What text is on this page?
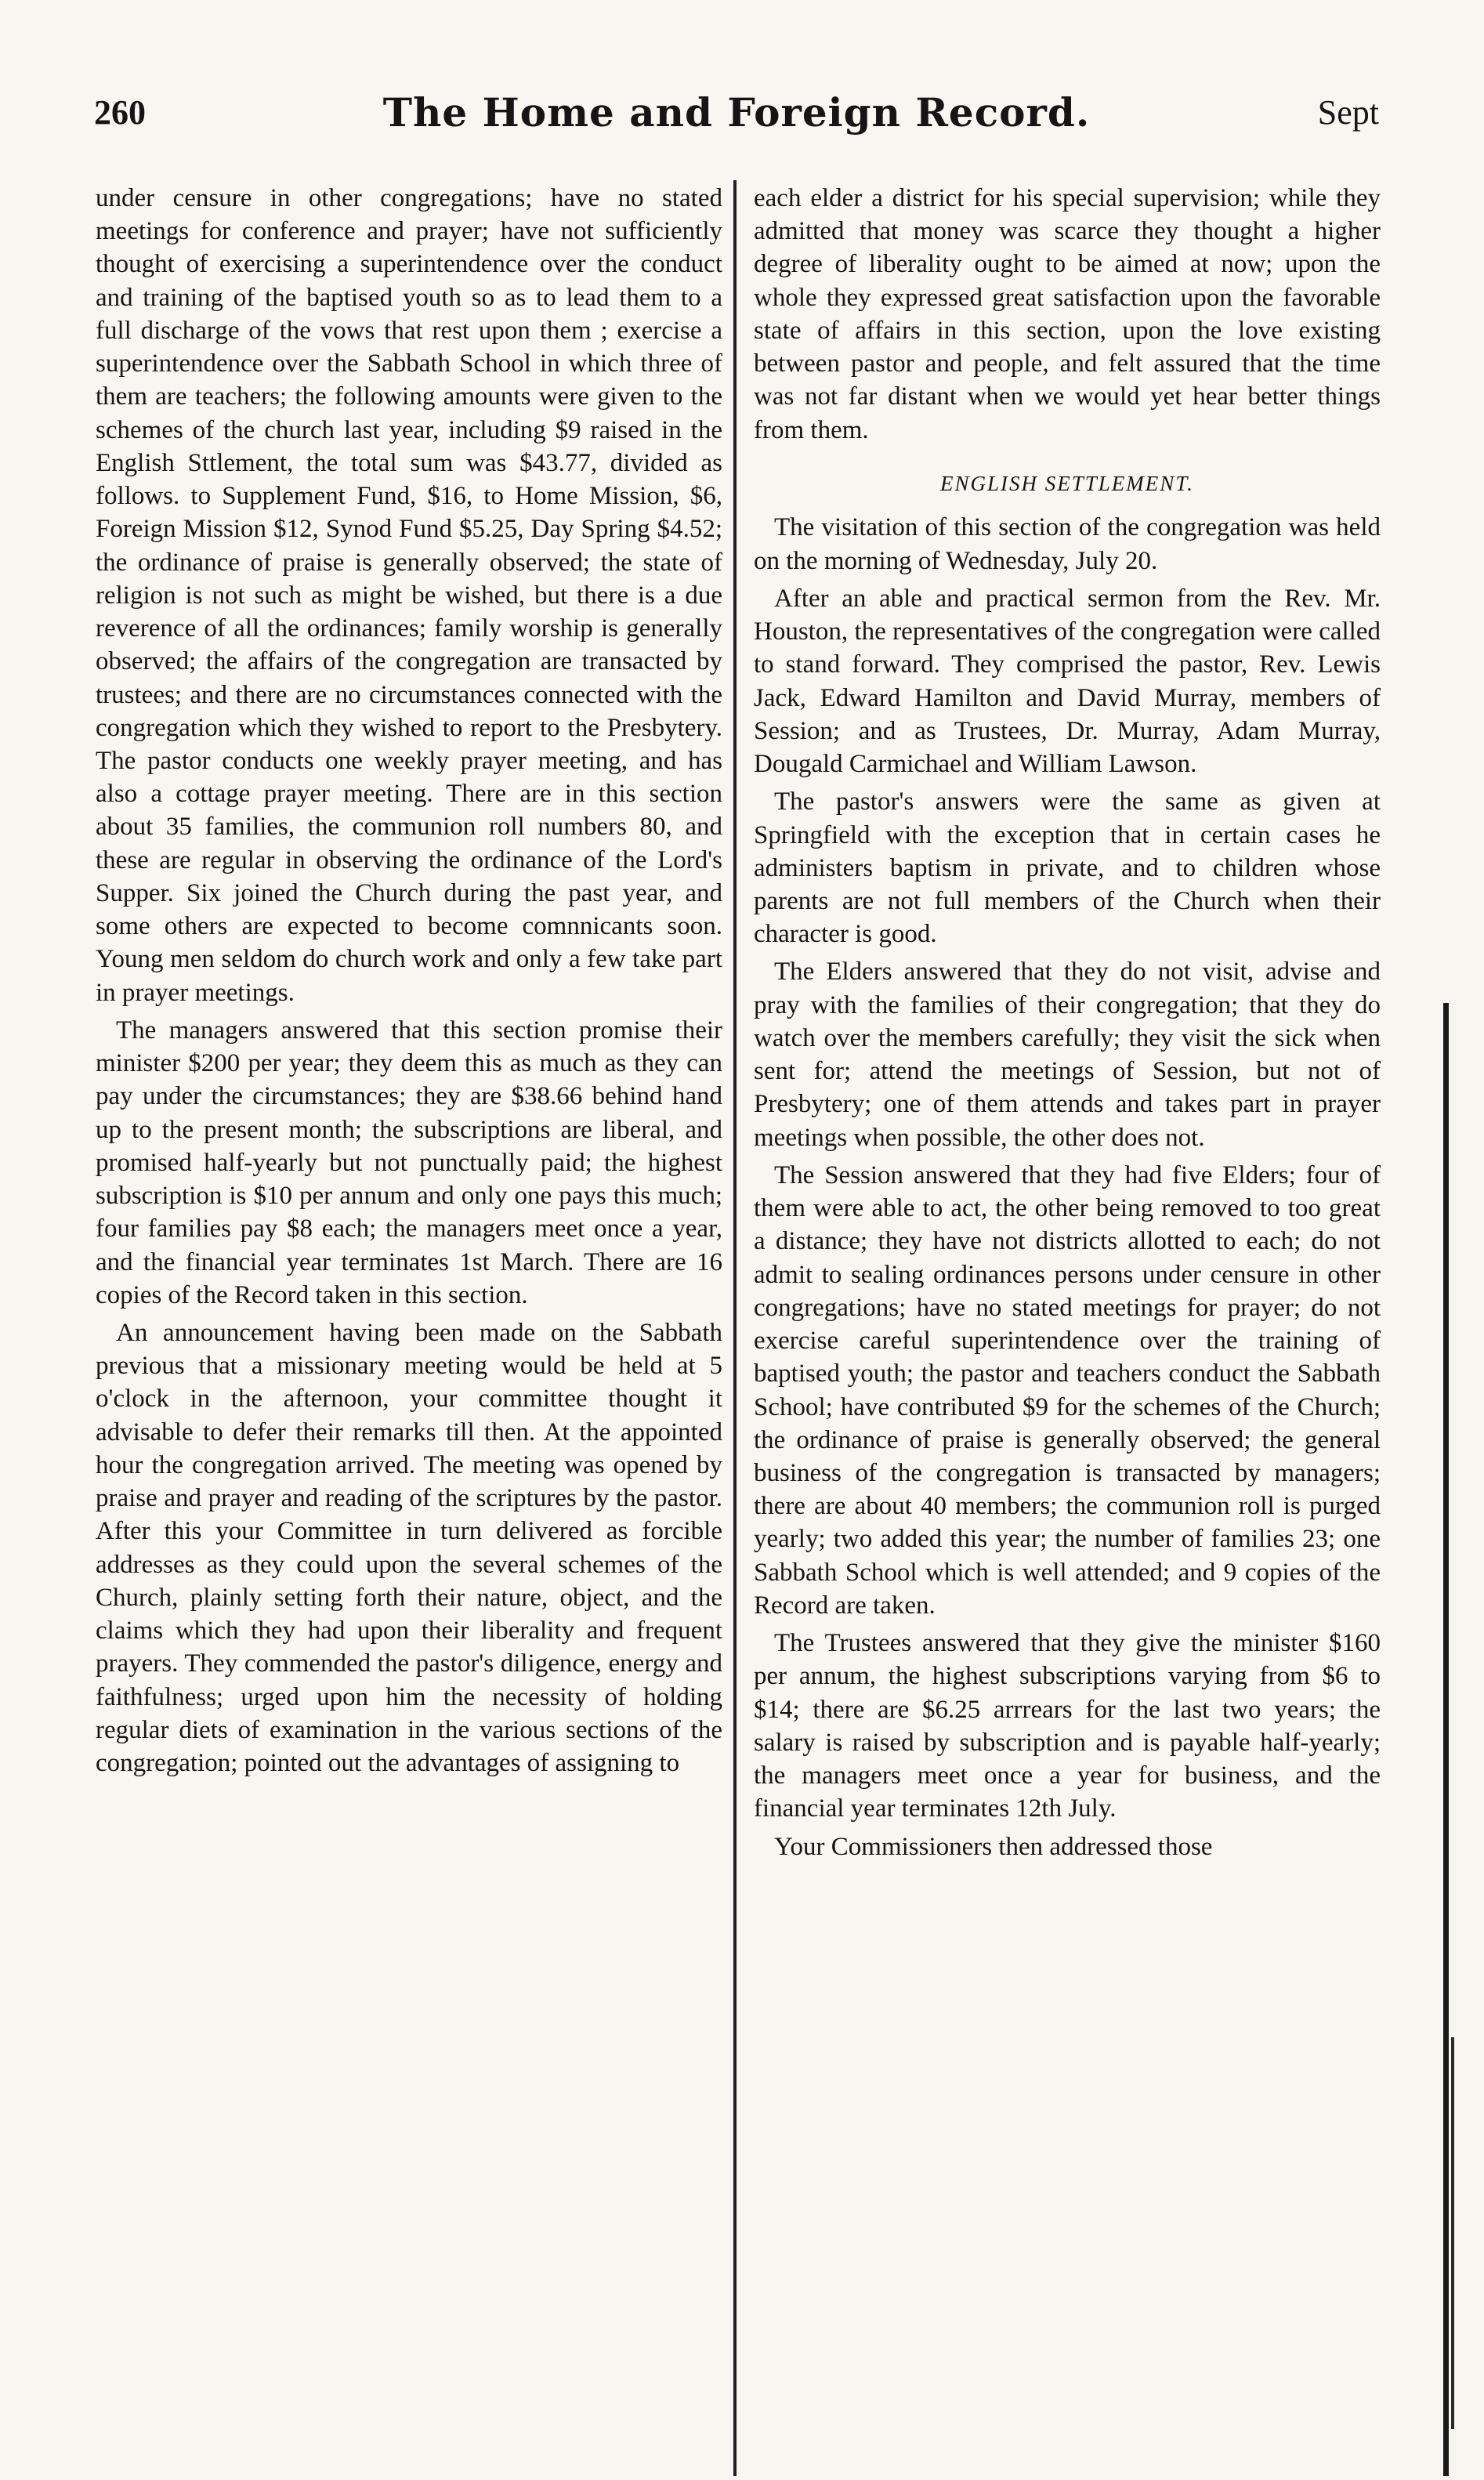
260	The Home and Foreign Record.	Sept

under censure in other congregations; have no stated meetings for conference and prayer; have not sufficiently thought of exercising a superintendence over the conduct and training of the baptised youth so as to lead them to a full discharge of the vows that rest upon them ; exercise a superintendence over the Sabbath School in which three of them are teachers; the following amounts were given to the schemes of the church last year, including $9 raised in the English Sttlement, the total sum was $43.77, divided as follows. to Supplement Fund, $16, to Home Mission, $6, Foreign Mission $12, Synod Fund $5.25, Day Spring $4.52; the ordinance of praise is generally observed; the state of religion is not such as might be wished, but there is a due reverence of all the ordinances; family worship is generally observed; the affairs of the congregation are transacted by trustees; and there are no circumstances connected with the congregation which they wished to report to the Presbytery. The pastor conducts one weekly prayer meeting, and has also a cottage prayer meeting. There are in this section about 35 families, the communion roll numbers 80, and these are regular in observing the ordinance of the Lord's Supper. Six joined the Church during the past year, and some others are expected to become comnnicants soon. Young men seldom do church work and only a few take part in prayer meetings.

The managers answered that this section promise their minister $200 per year; they deem this as much as they can pay under the circumstances; they are $38.66 behind hand up to the present month; the subscriptions are liberal, and promised half-yearly but not punctually paid; the highest subscription is $10 per annum and only one pays this much; four families pay $8 each; the managers meet once a year, and the financial year terminates 1st March. There are 16 copies of the Record taken in this section.

An announcement having been made on the Sabbath previous that a missionary meeting would be held at 5 o'clock in the afternoon, your committee thought it advisable to defer their remarks till then. At the appointed hour the congregation arrived. The meeting was opened by praise and prayer and reading of the scriptures by the pastor. After this your Committee in turn delivered as forcible addresses as they could upon the several schemes of the Church, plainly setting forth their nature, object, and the claims which they had upon their liberality and frequent prayers. They commended the pastor's diligence, energy and faithfulness; urged upon him the necessity of holding regular diets of examination in the various sections of the congregation; pointed out the advantages of assigning to

each elder a district for his special supervision; while they admitted that money was scarce they thought a higher degree of liberality ought to be aimed at now; upon the whole they expressed great satisfaction upon the favorable state of affairs in this section, upon the love existing between pastor and people, and felt assured that the time was not far distant when we would yet hear better things from them.

ENGLISH SETTLEMENT.

The visitation of this section of the congregation was held on the morning of Wednesday, July 20.

After an able and practical sermon from the Rev. Mr. Houston, the representatives of the congregation were called to stand forward. They comprised the pastor, Rev. Lewis Jack, Edward Hamilton and David Murray, members of Session; and as Trustees, Dr. Murray, Adam Murray, Dougald Carmichael and William Lawson.

The pastor's answers were the same as given at Springfield with the exception that in certain cases he administers baptism in private, and to children whose parents are not full members of the Church when their character is good.

The Elders answered that they do not visit, advise and pray with the families of their congregation; that they do watch over the members carefully; they visit the sick when sent for; attend the meetings of Session, but not of Presbytery; one of them attends and takes part in prayer meetings when possible, the other does not.

The Session answered that they had five Elders; four of them were able to act, the other being removed to too great a distance; they have not districts allotted to each; do not admit to sealing ordinances persons under censure in other congregations; have no stated meetings for prayer; do not exercise careful superintendence over the training of baptised youth; the pastor and teachers conduct the Sabbath School; have contributed $9 for the schemes of the Church; the ordinance of praise is generally observed; the general business of the congregation is transacted by managers; there are about 40 members; the communion roll is purged yearly; two added this year; the number of families 23; one Sabbath School which is well attended; and 9 copies of the Record are taken.

The Trustees answered that they give the minister $160 per annum, the highest subscriptions varying from $6 to $14; there are $6.25 arrrears for the last two years; the salary is raised by subscription and is payable half-yearly; the managers meet once a year for business, and the financial year terminates 12th July.

Your Commissioners then addressed those
